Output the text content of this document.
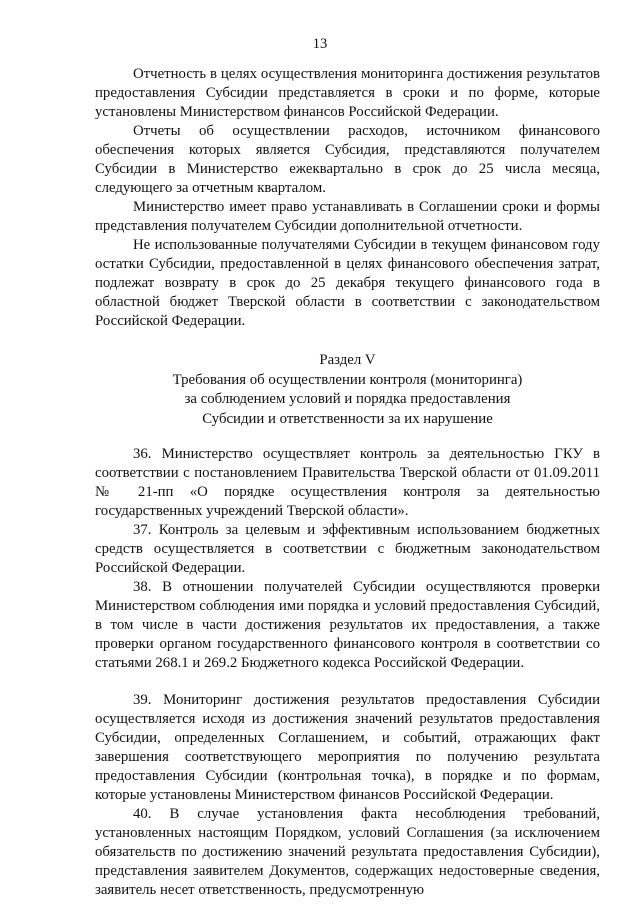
13

Отчетность в целях осуществления мониторинга достижения результатов предоставления Субсидии представляется в сроки и по форме, которые установлены Министерством финансов Российской Федерации.

Отчеты об осуществлении расходов, источником финансового обеспечения которых является Субсидия, представляются получателем Субсидии в Министерство ежеквартально в срок до 25 числа месяца, следующего за отчетным кварталом.

Министерство имеет право устанавливать в Соглашении сроки и формы представления получателем Субсидии дополнительной отчетности.

Не использованные получателями Субсидии в текущем финансовом году остатки Субсидии, предоставленной в целях финансового обеспечения затрат, подлежат возврату в срок до 25 декабря текущего финансового года в областной бюджет Тверской области в соответствии с законодательством Российской Федерации.

Раздел V
Требования об осуществлении контроля (мониторинга)
за соблюдением условий и порядка предоставления
Субсидии и ответственности за их нарушение

36. Министерство осуществляет контроль за деятельностью ГКУ в соответствии с постановлением Правительства Тверской области от 01.09.2011 № 21-пп «О порядке осуществления контроля за деятельностью государственных учреждений Тверской области».

37. Контроль за целевым и эффективным использованием бюджетных средств осуществляется в соответствии с бюджетным законодательством Российской Федерации.

38. В отношении получателей Субсидии осуществляются проверки Министерством соблюдения ими порядка и условий предоставления Субсидий, в том числе в части достижения результатов их предоставления, а также проверки органом государственного финансового контроля в соответствии со статьями 268.1 и 269.2 Бюджетного кодекса Российской Федерации.

39. Мониторинг достижения результатов предоставления Субсидии осуществляется исходя из достижения значений результатов предоставления Субсидии, определенных Соглашением, и событий, отражающих факт завершения соответствующего мероприятия по получению результата предоставления Субсидии (контрольная точка), в порядке и по формам, которые установлены Министерством финансов Российской Федерации.

40. В случае установления факта несоблюдения требований, установленных настоящим Порядком, условий Соглашения (за исключением обязательств по достижению значений результата предоставления Субсидии), представления заявителем Документов, содержащих недостоверные сведения, заявитель несет ответственность, предусмотренную
